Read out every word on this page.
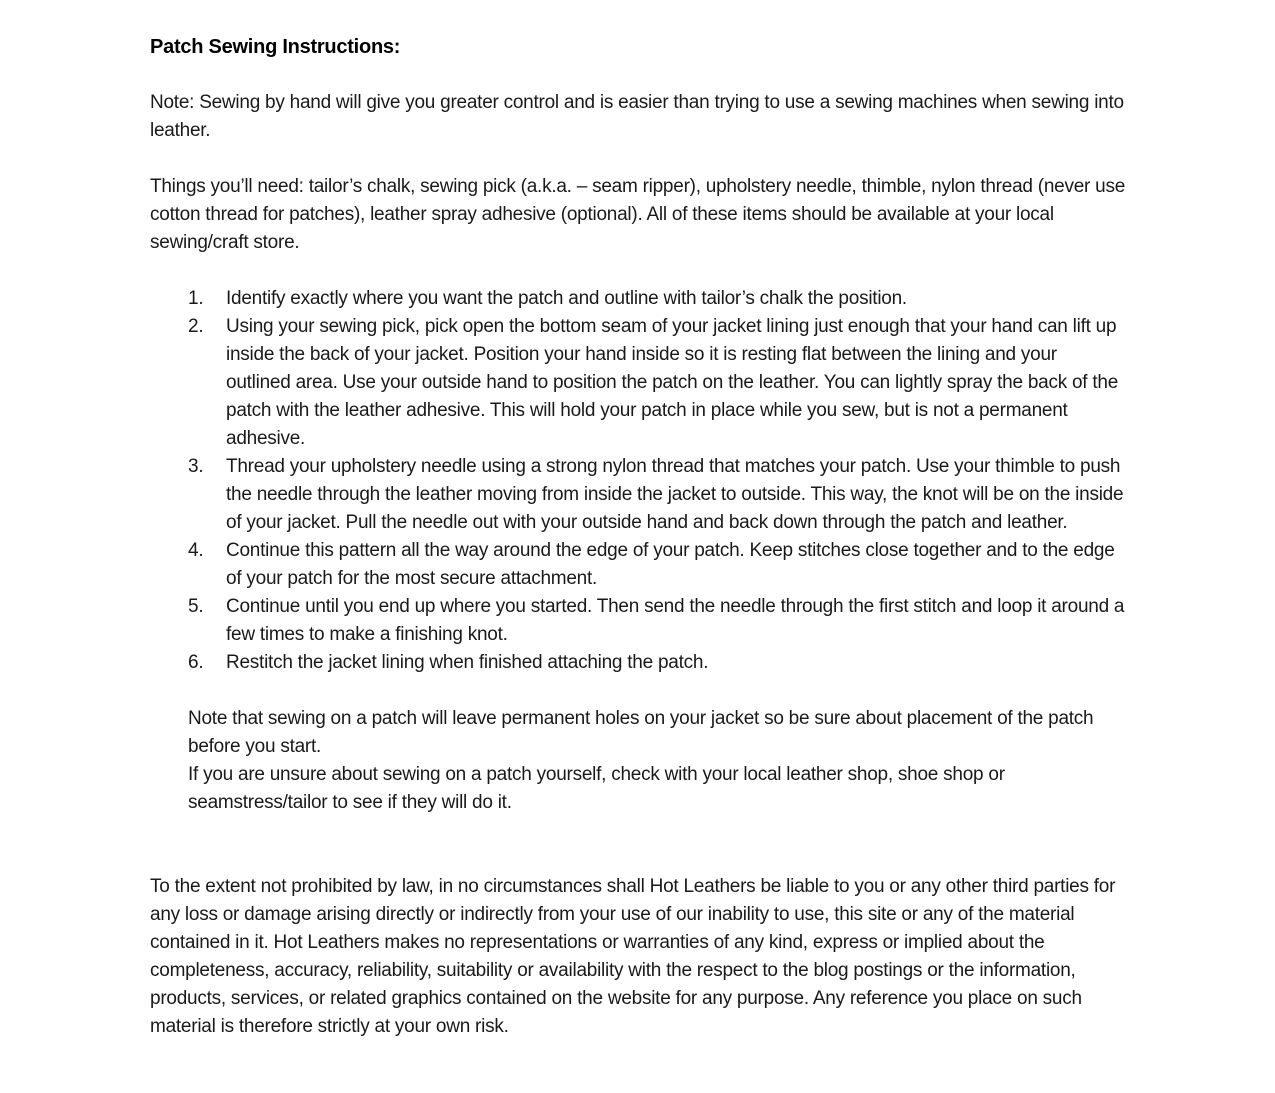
Patch Sewing Instructions:

Note: Sewing by hand will give you greater control and is easier than trying to use a sewing machines when sewing into leather.

Things you’ll need: tailor’s chalk, sewing pick (a.k.a. – seam ripper), upholstery needle, thimble, nylon thread (never use cotton thread for patches), leather spray adhesive (optional). All of these items should be available at your local sewing/craft store.

1.	Identify exactly where you want the patch and outline with tailor’s chalk the position.
2.	Using your sewing pick, pick open the bottom seam of your jacket lining just enough that your hand can lift up inside the back of your jacket. Position your hand inside so it is resting flat between the lining and your outlined area. Use your outside hand to position the patch on the leather. You can lightly spray the back of the patch with the leather adhesive. This will hold your patch in place while you sew, but is not a permanent adhesive.
3.	Thread your upholstery needle using a strong nylon thread that matches your patch. Use your thimble to push the needle through the leather moving from inside the jacket to outside. This way, the knot will be on the inside of your jacket. Pull the needle out with your outside hand and back down through the patch and leather.
4.	Continue this pattern all the way around the edge of your patch. Keep stitches close together and to the edge of your patch for the most secure attachment.
5.	Continue until you end up where you started. Then send the needle through the first stitch and loop it around a few times to make a finishing knot.
6.	Restitch the jacket lining when finished attaching the patch.

Note that sewing on a patch will leave permanent holes on your jacket so be sure about placement of the patch before you start.

If you are unsure about sewing on a patch yourself, check with your local leather shop, shoe shop or seamstress/tailor to see if they will do it.

To the extent not prohibited by law, in no circumstances shall Hot Leathers be liable to you or any other third parties for any loss or damage arising directly or indirectly from your use of our inability to use, this site or any of the material contained in it. Hot Leathers makes no representations or warranties of any kind, express or implied about the completeness, accuracy, reliability, suitability or availability with the respect to the blog postings or the information, products, services, or related graphics contained on the website for any purpose. Any reference you place on such material is therefore strictly at your own risk.
